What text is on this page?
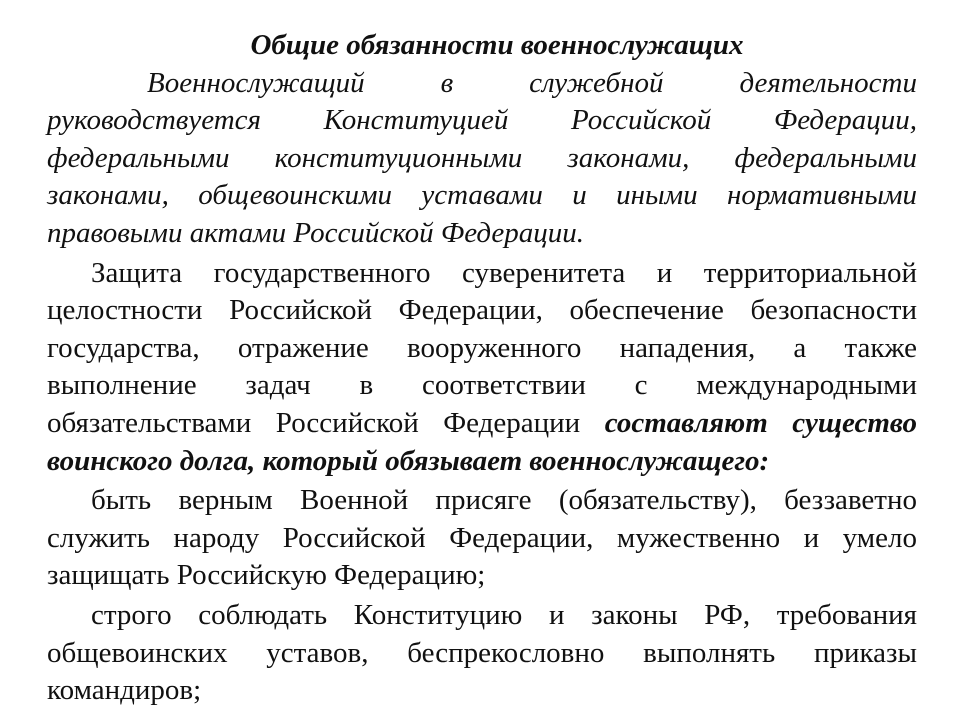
Общие обязанности военнослужащих

Военнослужащий в служебной деятельности руководствуется Конституцией Российской Федерации, федеральными конституционными законами, федеральными законами, общевоинскими уставами и иными нормативными правовыми актами Российской Федерации.

Защита государственного суверенитета и территориальной целостности Российской Федерации, обеспечение безопасности государства, отражение вооруженного нападения, а также выполнение задач в соответствии с международными обязательствами Российской Федерации составляют существо воинского долга, который обязывает военнослужащего:

быть верным Военной присяге (обязательству), беззаветно служить народу Российской Федерации, мужественно и умело защищать Российскую Федерацию;

строго соблюдать Конституцию и законы РФ, требования общевоинских уставов, беспрекословно выполнять приказы командиров;
